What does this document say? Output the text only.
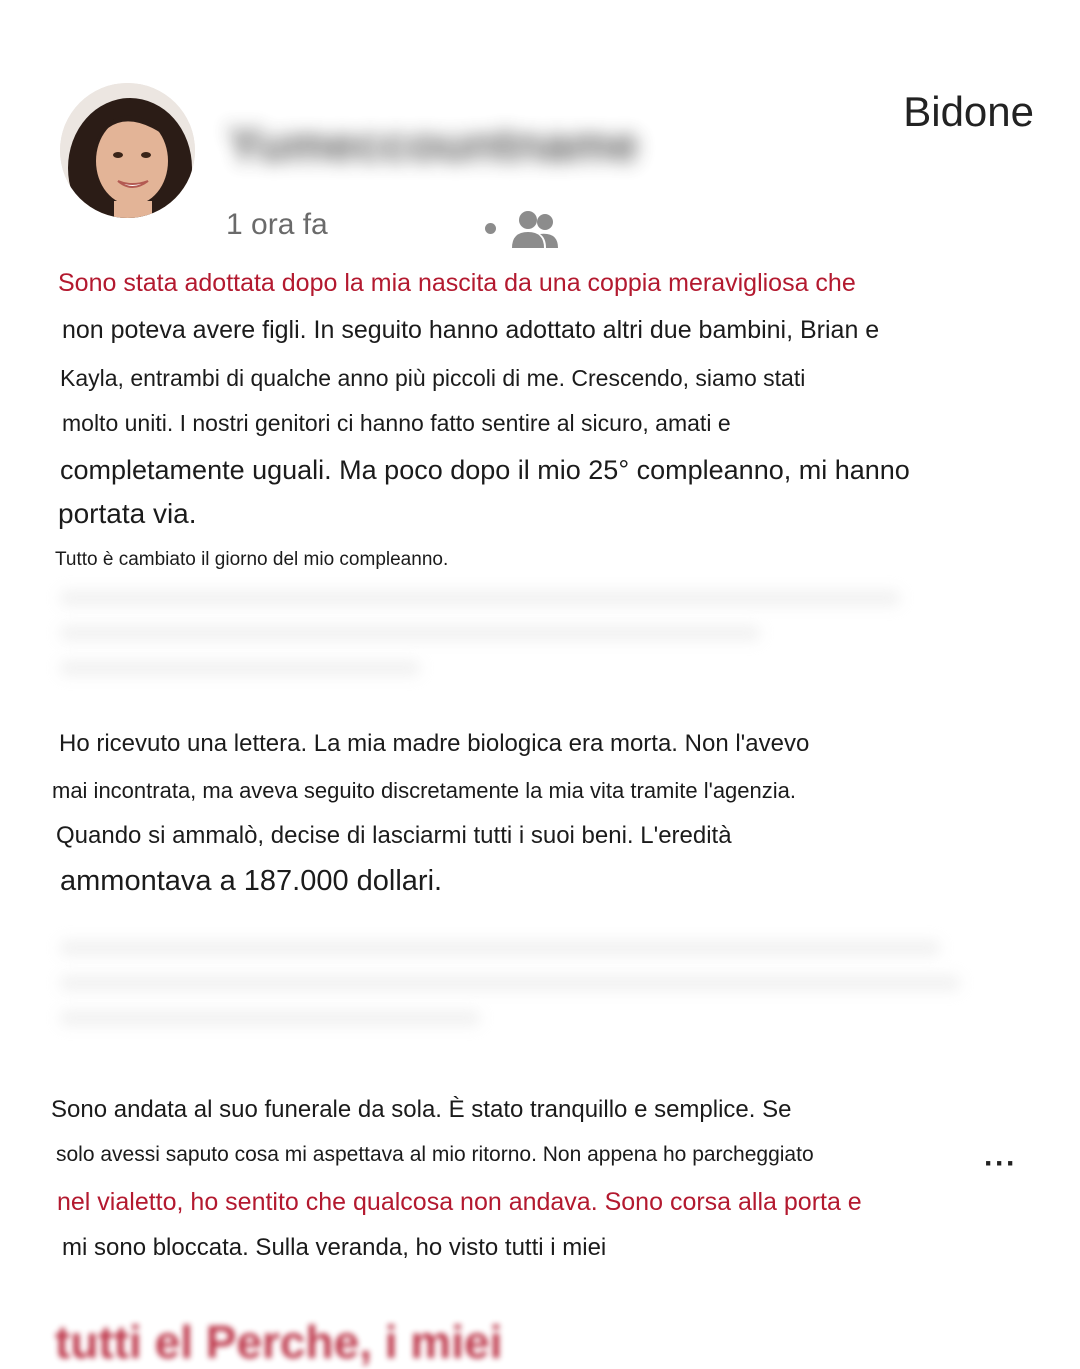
Yumeccountname
1 ora fa
Bidone
Sono stata adottata dopo la mia nascita da una coppia meravigliosa che
non poteva avere figli. In seguito hanno adottato altri due bambini, Brian e
Kayla, entrambi di qualche anno più piccoli di me. Crescendo, siamo stati
molto uniti. I nostri genitori ci hanno fatto sentire al sicuro, amati e
completamente uguali. Ma poco dopo il mio 25° compleanno, mi hanno
portata via.
Tutto è cambiato il giorno del mio compleanno.
Ho ricevuto una lettera. La mia madre biologica era morta. Non l'avevo
mai incontrata, ma aveva seguito discretamente la mia vita tramite l'agenzia.
Quando si ammalò, decise di lasciarmi tutti i suoi beni. L'eredità
ammontava a 187.000 dollari.
Sono andata al suo funerale da sola. È stato tranquillo e semplice. Se
solo avessi saputo cosa mi aspettava al mio ritorno. Non appena ho parcheggiato
nel vialetto, ho sentito che qualcosa non andava. Sono corsa alla porta e
mi sono bloccata. Sulla veranda, ho visto tutti i miei
···
tutti el Perche, i miei
